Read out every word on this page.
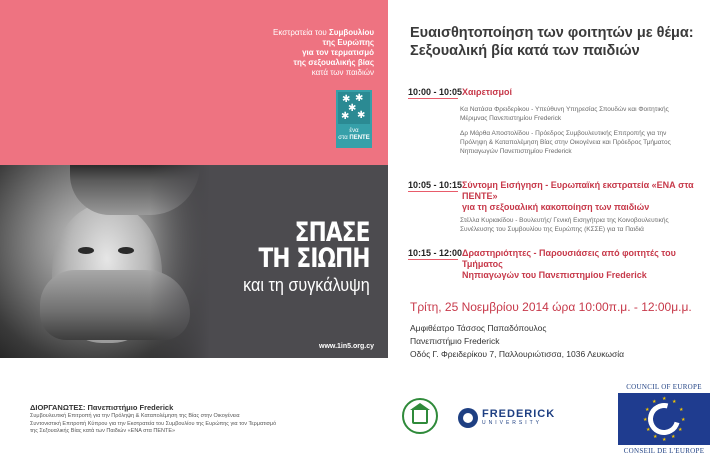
Εκστρατεία του Συμβουλίου
της Ευρώπης
για τον τερματισμό
της σεξουαλικής βίας
κατά των παιδιών
✱ ✱
✱
✱ ✱
ένα
στα ΠΕΝΤΕ
ΣΠΑΣΕ
ΤΗ ΣΙΩΠΗ
και τη συγκάλυψη
www.1in5.org.cy
Ευαισθητοποίηση των φοιτητών με θέμα:
Σεξουαλική βία κατά των παιδιών
10:00 - 10:05 Χαιρετισμοί
Κα Νατάσα Φρειδερίκου - Υπεύθυνη Υπηρεσίας Σπουδών και Φοιτητικής
Μέριμνας Πανεπιστημίου Frederick
Δρ Μάρθα Αποστολίδου - Πρόεδρος Συμβουλευτικής Επιτροπής για την
Πρόληψη & Καταπολέμηση Βίας στην Οικογένεια και Πρόεδρος Τμήματος
Νηπιαγωγών Πανεπιστημίου Frederick
10:05 - 10:15 Σύντομη Εισήγηση - Ευρωπαϊκή εκστρατεία «ΕΝΑ στα ΠΕΝΤΕ»
για τη σεξουαλική κακοποίηση των παιδιών
Στέλλα Κυριακίδου - Βουλευτής/ Γενική Εισηγήτρια της Κοινοβουλευτικής
Συνέλευσης του Συμβουλίου της Ευρώπης (ΚΣΣΕ) για τα Παιδιά
10:15 - 12:00 Δραστηριότητες - Παρουσιάσεις από φοιτητές του Τμήματος
Νηπιαγωγών του Πανεπιστημίου Frederick
Τρίτη, 25 Νοεμβρίου 2014 ώρα 10:00π.μ. - 12:00μ.μ.
Αμφιθέατρο Τάσσος Παπαδόπουλος
Πανεπιστήμιο Frederick
Οδός Γ. Φρειδερίκου 7, Παλλουριώτισσα, 1036 Λευκωσία
ΔΙΟΡΓΑΝΩΤΕΣ: Πανεπιστήμιο Frederick
Συμβουλευτική Επιτροπή για την Πρόληψη & Καταπολέμηση της Βίας στην Οικογένεια
Συντονιστική Επιτροπή Κύπρου για την Εκστρατεία του Συμβουλίου της Ευρώπης για τον Τερματισμό
της Σεξουαλικής Βίας κατά των Παιδιών «ΕΝΑ στα ΠΕΝΤΕ»
FREDERICK
UNIVERSITY
COUNCIL OF EUROPE
★ ★
★
★
★
★
★
★
★
★
★
★
CONSEIL DE L'EUROPE
